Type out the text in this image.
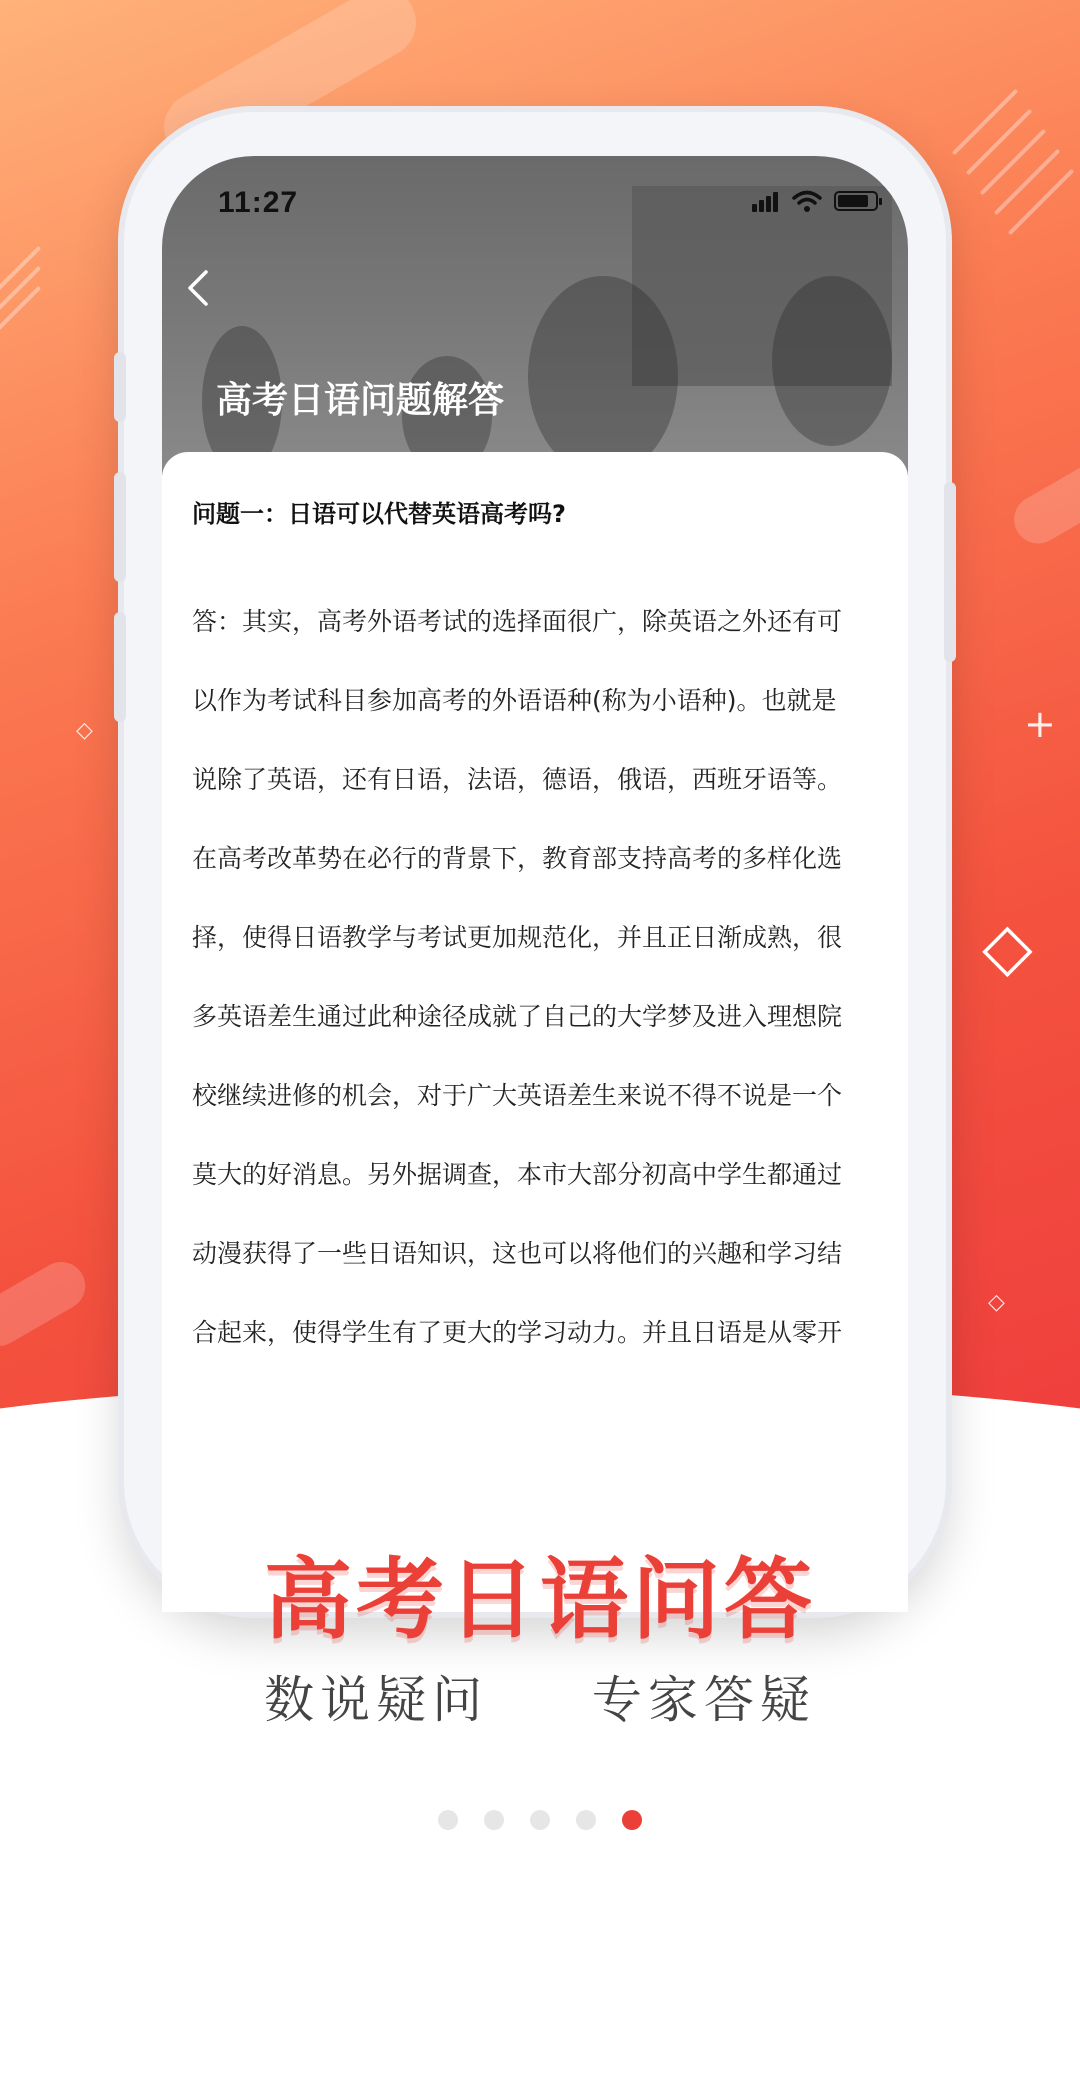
◇
◇
◇
+
11:27
高考日语问题解答
问题一：日语可以代替英语高考吗?
答：其实，高考外语考试的选择面很广，除英语之外还有可
以作为考试科目参加高考的外语语种(称为小语种)。也就是
说除了英语，还有日语，法语，德语，俄语，西班牙语等。
在高考改革势在必行的背景下，教育部支持高考的多样化选
择，使得日语教学与考试更加规范化，并且正日渐成熟，很
多英语差生通过此种途径成就了自己的大学梦及进入理想院
校继续进修的机会，对于广大英语差生来说不得不说是一个
莫大的好消息。另外据调查，本市大部分初高中学生都通过
动漫获得了一些日语知识，这也可以将他们的兴趣和学习结
合起来，使得学生有了更大的学习动力。并且日语是从零开
高考日语问答
数说疑问  专家答疑
